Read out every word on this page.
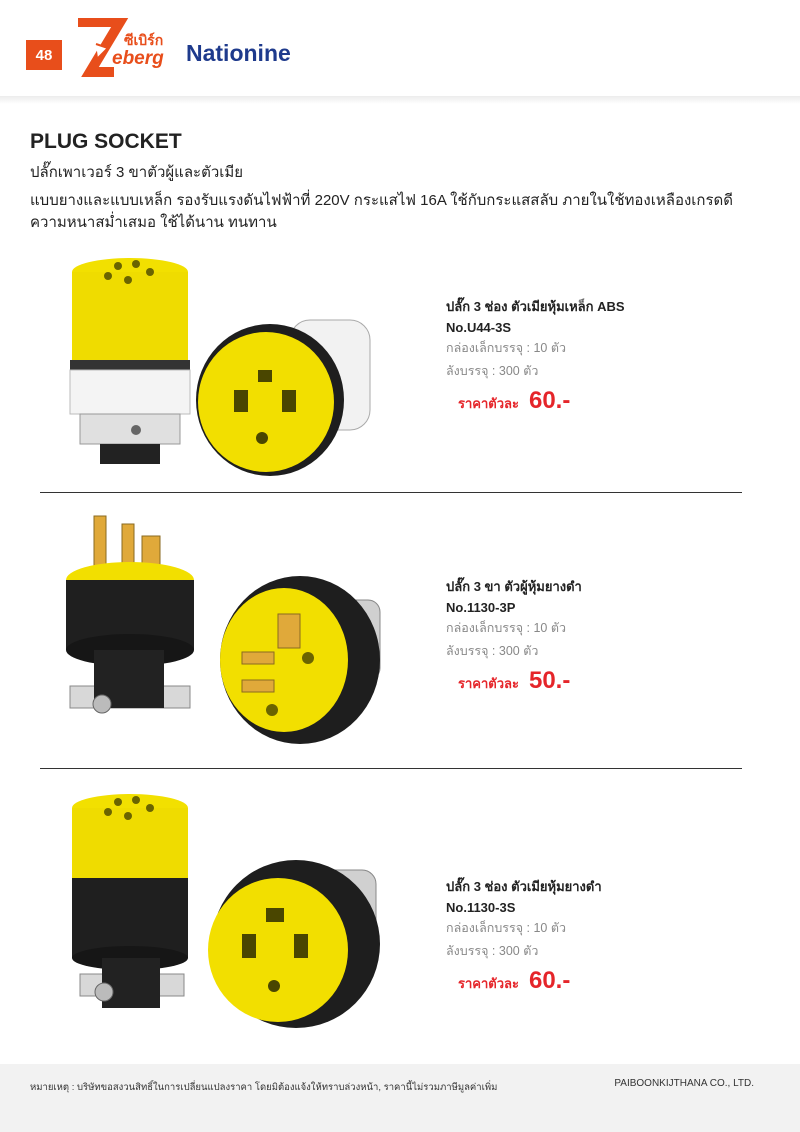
48
ซีเบิร์ก
eberg Nationine
PLUG SOCKET
ปลั๊กเพาเวอร์ 3 ขาตัวผู้และตัวเมีย
แบบยางและแบบเหล็ก รองรับแรงดันไฟฟ้าที่ 220V กระแสไฟ 16A ใช้กับกระแสสลับ ภายในใช้ทองเหลืองเกรดดี ความหนาสม่ำเสมอ ใช้ได้นาน ทนทาน
ปลั๊ก 3 ช่อง ตัวเมียหุ้มเหล็ก ABS
No.U44-3S
กล่องเล็กบรรจุ : 10 ตัว
ลังบรรจุ : 300 ตัว
ราคาตัวละ 60.-
ปลั๊ก 3 ขา ตัวผู้หุ้มยางดำ
No.1130-3P
กล่องเล็กบรรจุ : 10 ตัว
ลังบรรจุ : 300 ตัว
ราคาตัวละ 50.-
ปลั๊ก 3 ช่อง ตัวเมียหุ้มยางดำ
No.1130-3S
กล่องเล็กบรรจุ : 10 ตัว
ลังบรรจุ : 300 ตัว
ราคาตัวละ 60.-
หมายเหตุ : บริษัทขอสงวนสิทธิ์ในการเปลี่ยนแปลงราคา โดยมิต้องแจ้งให้ทราบล่วงหน้า, ราคานี้ไม่รวมภาษีมูลค่าเพิ่ม	PAIBOONKIJTHANA CO., LTD.
